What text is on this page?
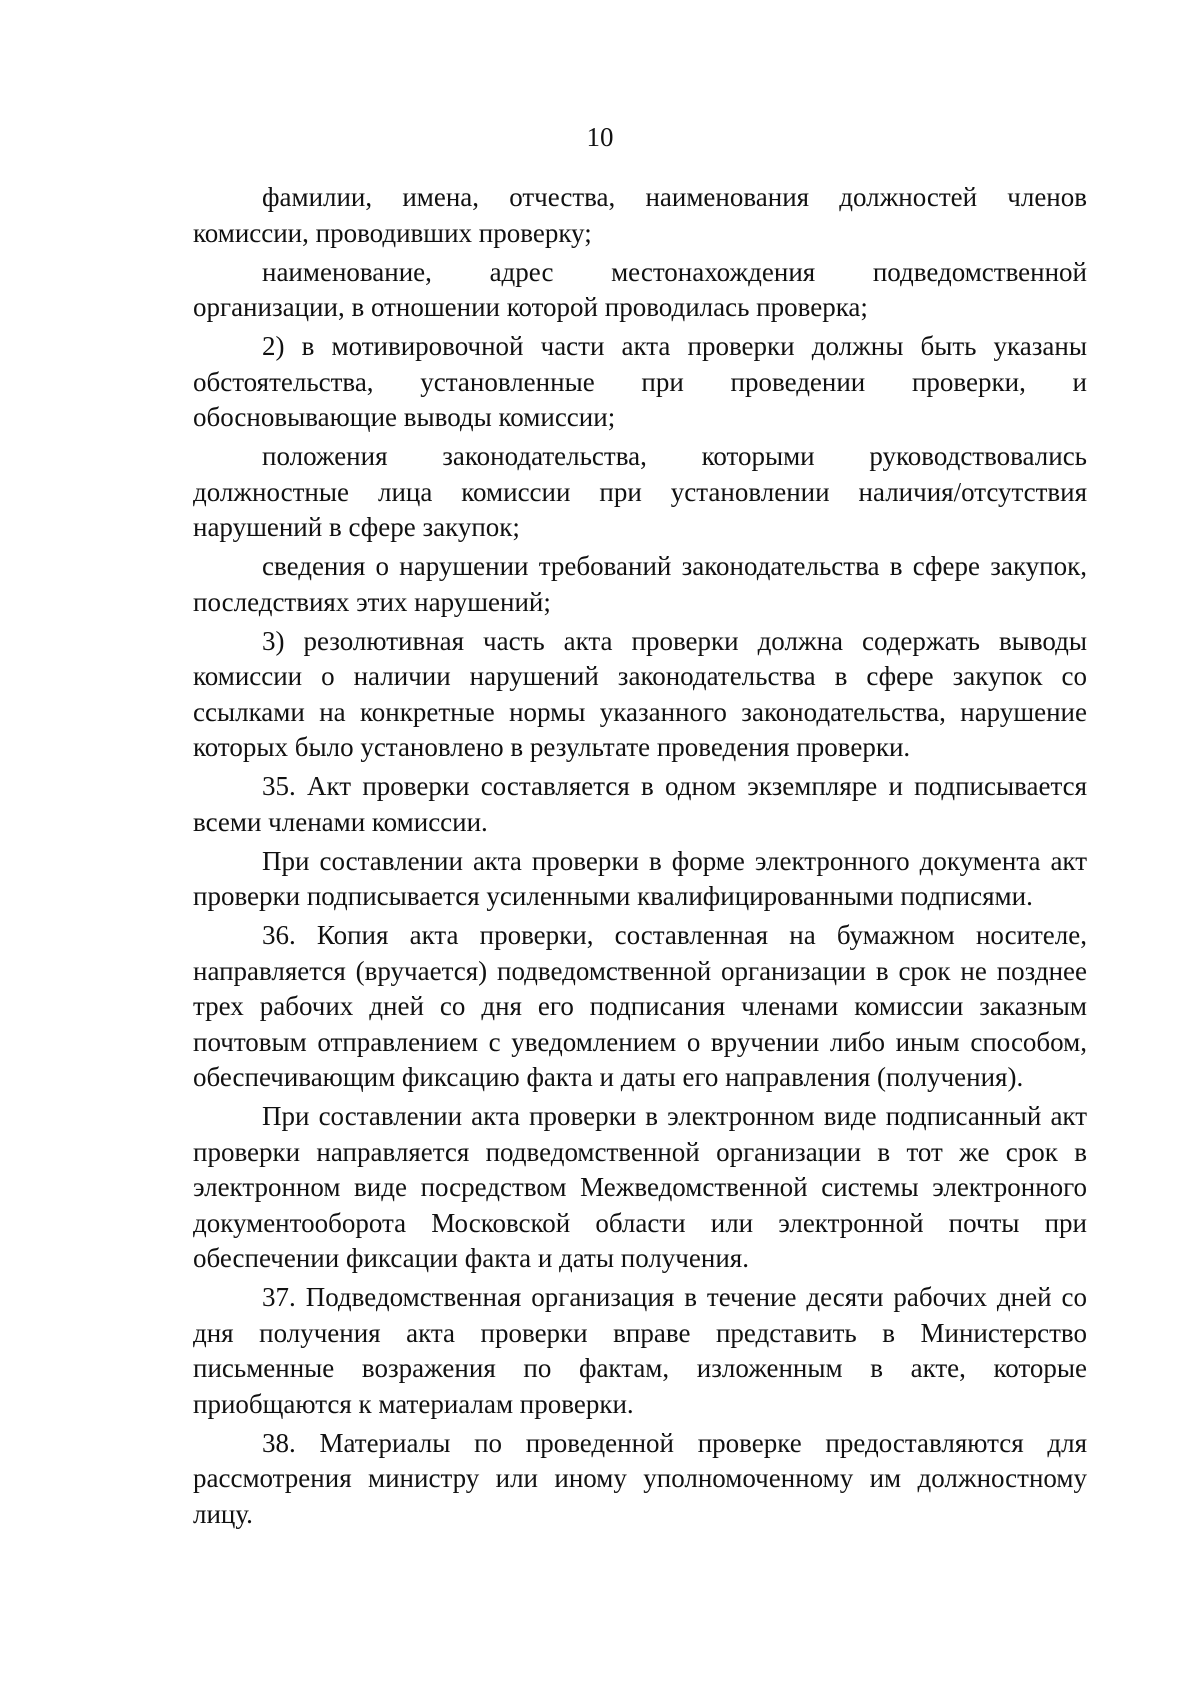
10

фамилии, имена, отчества, наименования должностей членов комиссии, проводивших проверку;

наименование, адрес местонахождения подведомственной организации, в отношении которой проводилась проверка;

2) в мотивировочной части акта проверки должны быть указаны обстоятельства, установленные при проведении проверки, и обосновывающие выводы комиссии;

положения законодательства, которыми руководствовались должностные лица комиссии при установлении наличия/отсутствия нарушений в сфере закупок;

сведения о нарушении требований законодательства в сфере закупок, последствиях этих нарушений;

3) резолютивная часть акта проверки должна содержать выводы комиссии о наличии нарушений законодательства в сфере закупок со ссылками на конкретные нормы указанного законодательства, нарушение которых было установлено в результате проведения проверки.

35. Акт проверки составляется в одном экземпляре и подписывается всеми членами комиссии.

При составлении акта проверки в форме электронного документа акт проверки подписывается усиленными квалифицированными подписями.

36. Копия акта проверки, составленная на бумажном носителе, направляется (вручается) подведомственной организации в срок не позднее трех рабочих дней со дня его подписания членами комиссии заказным почтовым отправлением с уведомлением о вручении либо иным способом, обеспечивающим фиксацию факта и даты его направления (получения).

При составлении акта проверки в электронном виде подписанный акт проверки направляется подведомственной организации в тот же срок в электронном виде посредством Межведомственной системы электронного документооборота Московской области или электронной почты при обеспечении фиксации факта и даты получения.

37. Подведомственная организация в течение десяти рабочих дней со дня получения акта проверки вправе представить в Министерство письменные возражения по фактам, изложенным в акте, которые приобщаются к материалам проверки.

38. Материалы по проведенной проверке предоставляются для рассмотрения министру или иному уполномоченному им должностному лицу.
